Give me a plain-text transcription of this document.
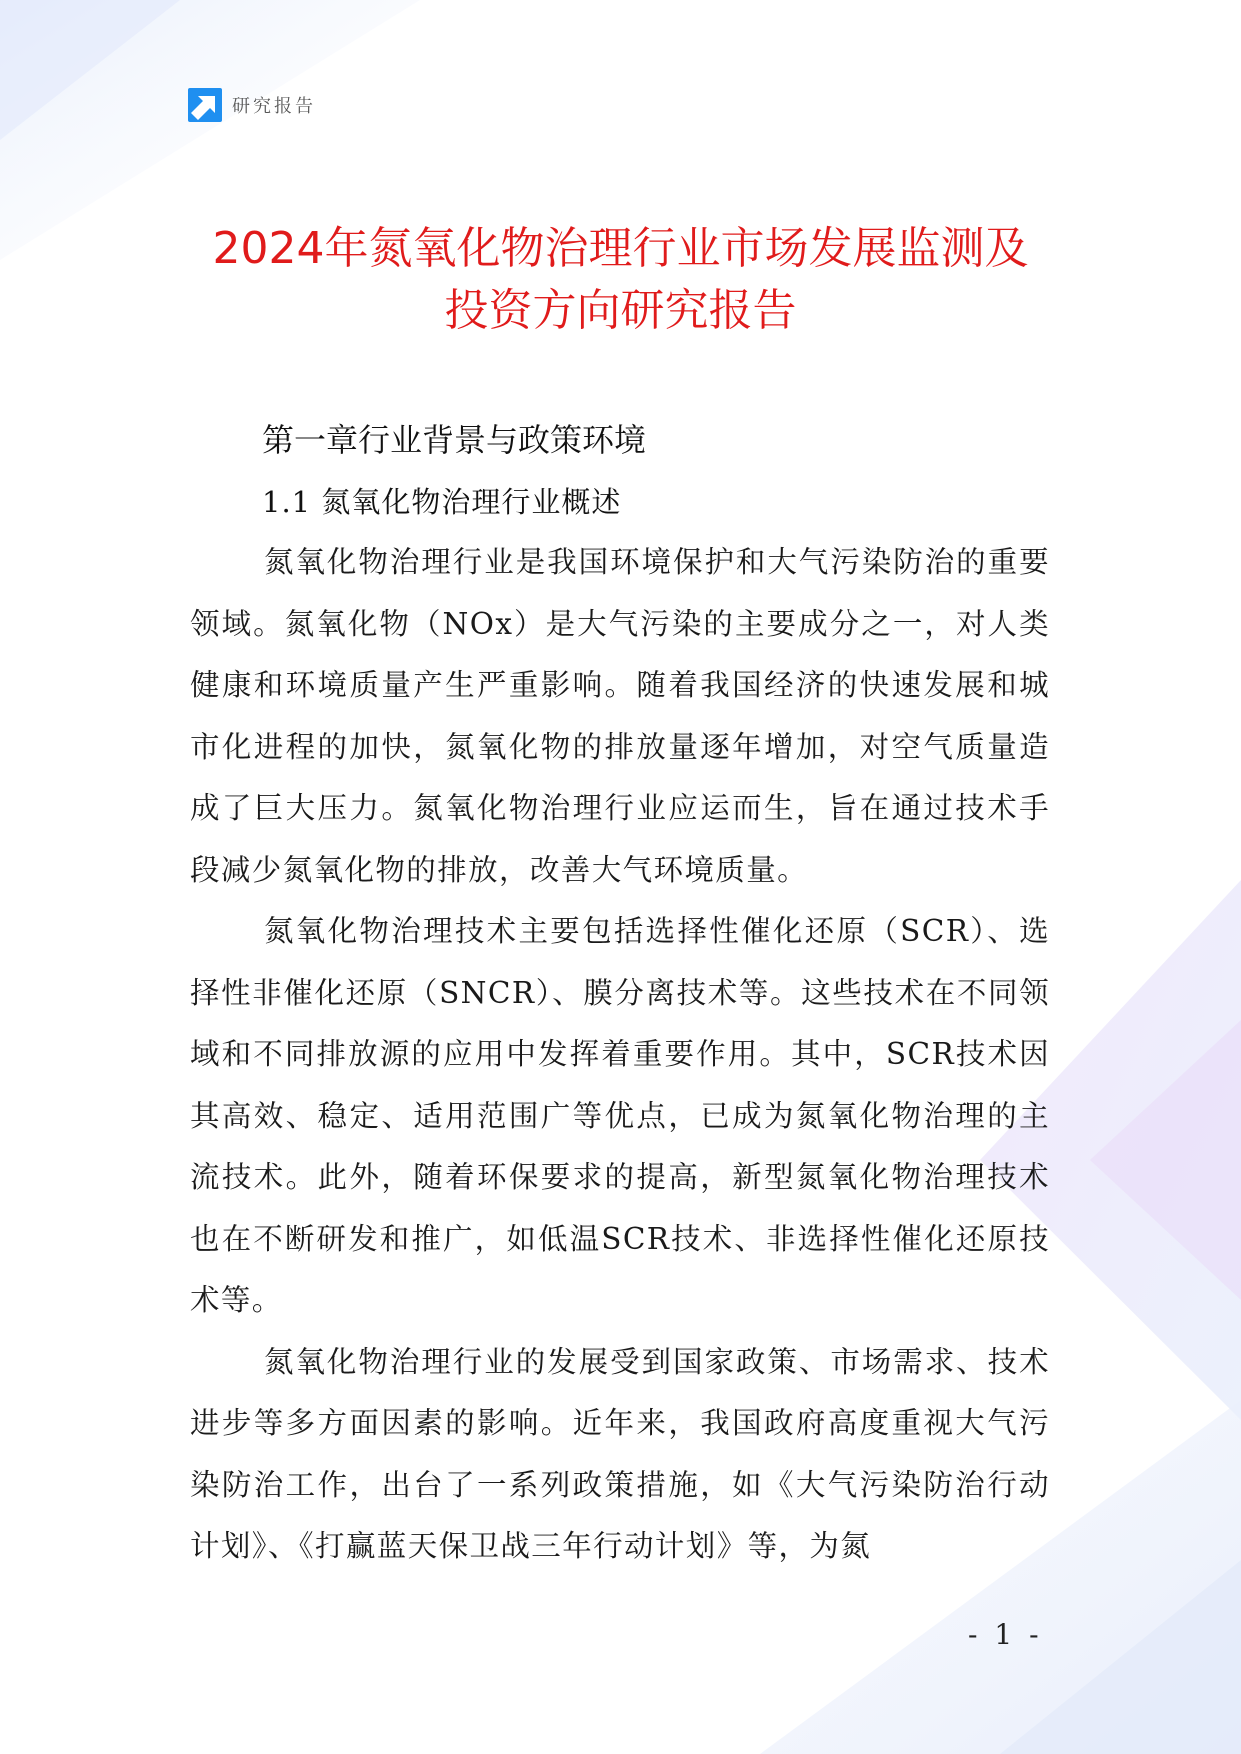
研究报告
2024年氮氧化物治理行业市场发展监测及
投资方向研究报告
第一章行业背景与政策环境
1.1 氮氧化物治理行业概述

氮氧化物治理行业是我国环境保护和大气污染防治的重要领域。氮氧化物（NOx）是大气污染的主要成分之一，对人类健康和环境质量产生严重影响。随着我国经济的快速发展和城市化进程的加快，氮氧化物的排放量逐年增加，对空气质量造成了巨大压力。氮氧化物治理行业应运而生，旨在通过技术手段减少氮氧化物的排放，改善大气环境质量。

氮氧化物治理技术主要包括选择性催化还原（SCR）、选择性非催化还原（SNCR）、膜分离技术等。这些技术在不同领域和不同排放源的应用中发挥着重要作用。其中，SCR技术因其高效、稳定、适用范围广等优点，已成为氮氧化物治理的主流技术。此外，随着环保要求的提高，新型氮氧化物治理技术也在不断研发和推广，如低温SCR技术、非选择性催化还原技术等。

氮氧化物治理行业的发展受到国家政策、市场需求、技术进步等多方面因素的影响。近年来，我国政府高度重视大气污染防治工作，出台了一系列政策措施，如《大气污染防治行动计划》、《打赢蓝天保卫战三年行动计划》等，为氮

- 1 -
